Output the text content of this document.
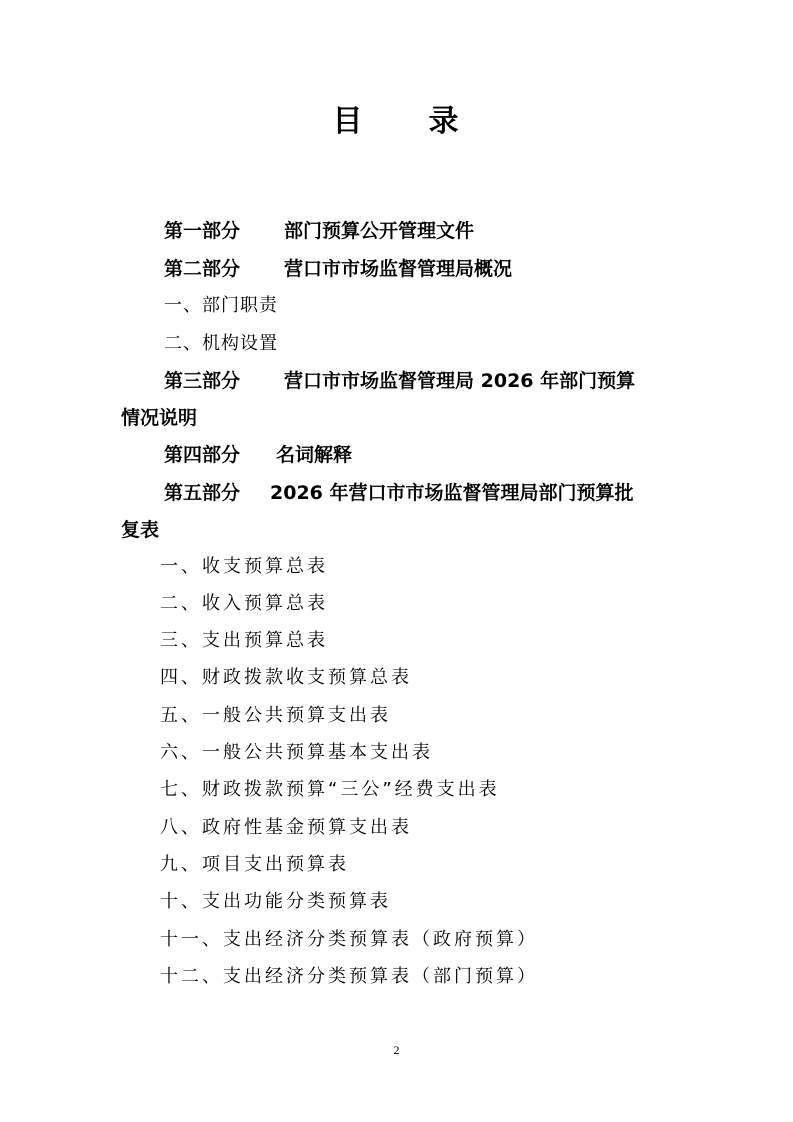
目　　录
第一部分 部门预算公开管理文件
第二部分 营口市市场监督管理局概况
一、部门职责
二、机构设置
第三部分 营口市市场监督管理局 2026 年部门预算
情况说明
第四部分 名词解释
第五部分 2026 年营口市市场监督管理局部门预算批
复表
一、收支预算总表
二、收入预算总表
三、支出预算总表
四、财政拨款收支预算总表
五、一般公共预算支出表
六、一般公共预算基本支出表
七、财政拨款预算“三公”经费支出表
八、政府性基金预算支出表
九、项目支出预算表
十、支出功能分类预算表
十一、支出经济分类预算表（政府预算）
十二、支出经济分类预算表（部门预算）
2
